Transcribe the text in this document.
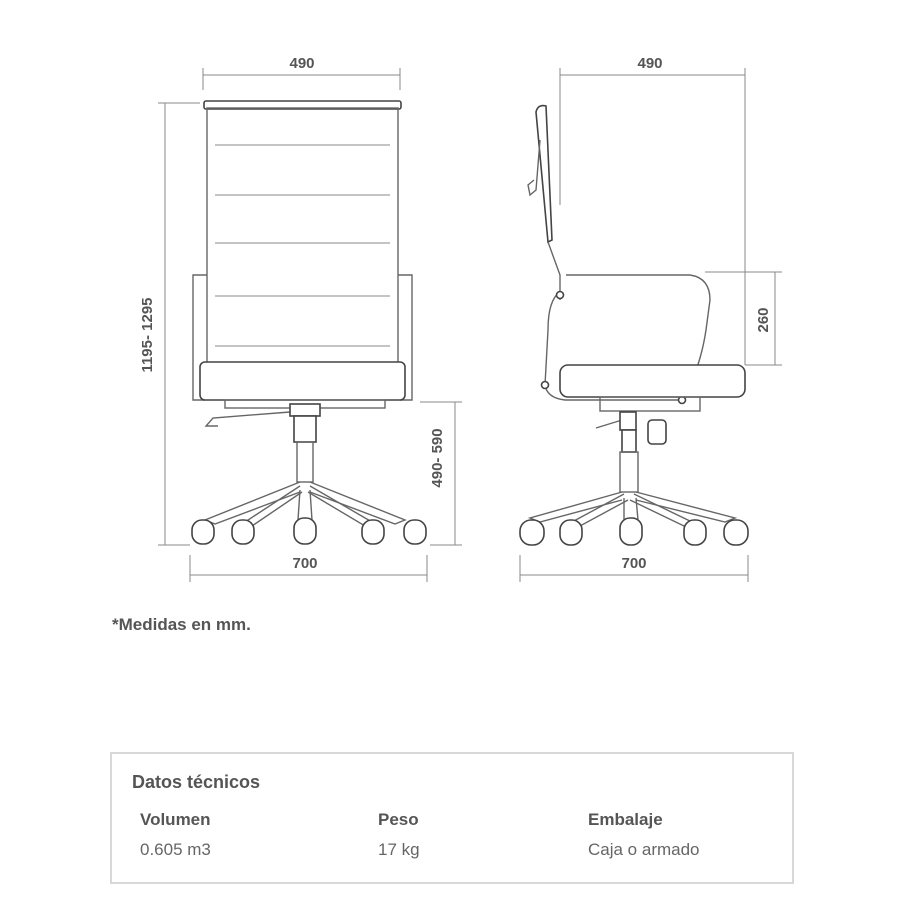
490
1195- 1295
490- 590
700
490
260
700
*Medidas en mm.
Datos técnicos
Volumen
0.605 m3
Peso
17 kg
Embalaje
Caja o armado
